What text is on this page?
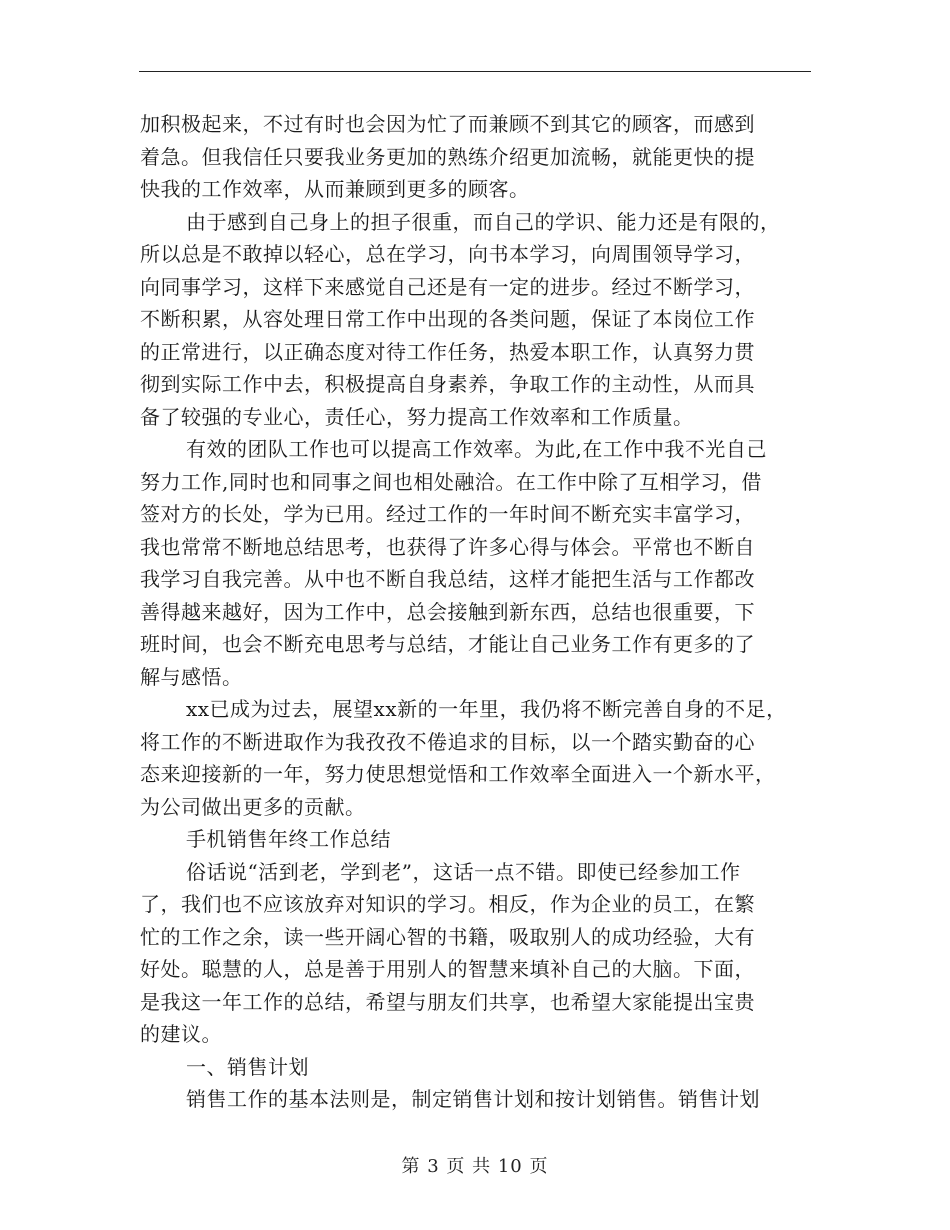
加积极起来，不过有时也会因为忙了而兼顾不到其它的顾客，而感到
着急。但我信任只要我业务更加的熟练介绍更加流畅，就能更快的提
快我的工作效率，从而兼顾到更多的顾客。
由于感到自己身上的担子很重，而自己的学识、能力还是有限的，
所以总是不敢掉以轻心，总在学习，向书本学习，向周围领导学习，
向同事学习，这样下来感觉自己还是有一定的进步。经过不断学习，
不断积累，从容处理日常工作中出现的各类问题，保证了本岗位工作
的正常进行，以正确态度对待工作任务，热爱本职工作，认真努力贯
彻到实际工作中去，积极提高自身素养，争取工作的主动性，从而具
备了较强的专业心，责任心，努力提高工作效率和工作质量。
有效的团队工作也可以提高工作效率。为此,在工作中我不光自己
努力工作,同时也和同事之间也相处融洽。在工作中除了互相学习，借
签对方的长处，学为已用。经过工作的一年时间不断充实丰富学习，
我也常常不断地总结思考，也获得了许多心得与体会。平常也不断自
我学习自我完善。从中也不断自我总结，这样才能把生活与工作都改
善得越来越好，因为工作中，总会接触到新东西，总结也很重要，下
班时间，也会不断充电思考与总结，才能让自己业务工作有更多的了
解与感悟。
xx已成为过去，展望xx新的一年里，我仍将不断完善自身的不足，
将工作的不断进取作为我孜孜不倦追求的目标，以一个踏实勤奋的心
态来迎接新的一年，努力使思想觉悟和工作效率全面进入一个新水平，
为公司做出更多的贡献。
手机销售年终工作总结
俗话说“活到老，学到老”，这话一点不错。即使已经参加工作
了，我们也不应该放弃对知识的学习。相反，作为企业的员工，在繁
忙的工作之余，读一些开阔心智的书籍，吸取别人的成功经验，大有
好处。聪慧的人，总是善于用别人的智慧来填补自己的大脑。下面，
是我这一年工作的总结，希望与朋友们共享，也希望大家能提出宝贵
的建议。
一、销售计划
销售工作的基本法则是，制定销售计划和按计划销售。销售计划
第 3 页 共 10 页
